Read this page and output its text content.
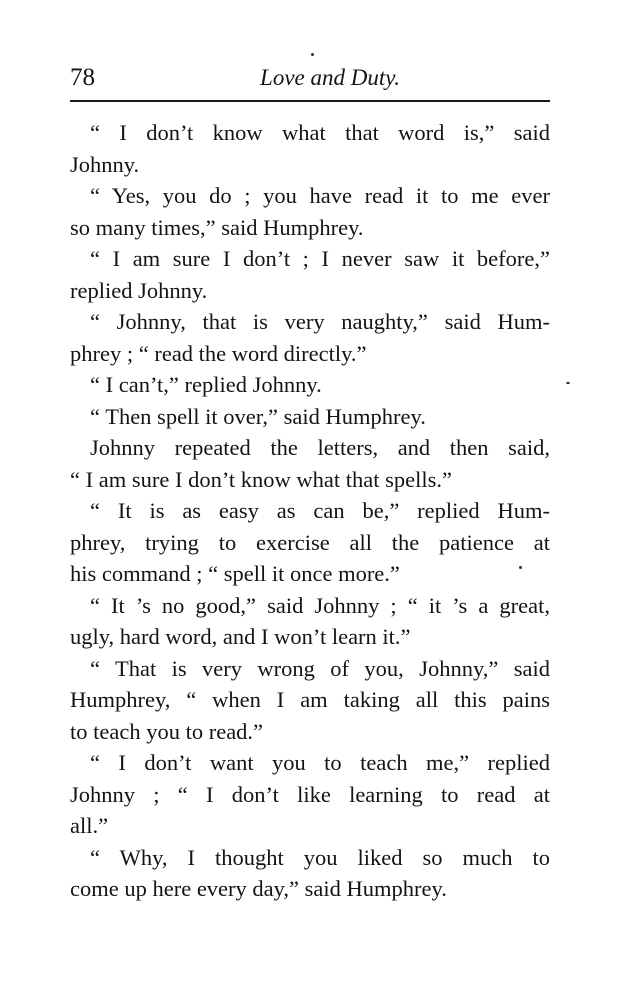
78	Love and Duty.
“ I don’t know what that word is,” said
Johnny.
“ Yes, you do ; you have read it to me ever
so many times,” said Humphrey.
“ I am sure I don’t ; I never saw it before,”
replied Johnny.
“ Johnny, that is very naughty,” said Hum-
phrey ; “ read the word directly.”
“ I can’t,” replied Johnny.
“ Then spell it over,” said Humphrey.
Johnny repeated the letters, and then said,
“ I am sure I don’t know what that spells.”
“ It is as easy as can be,” replied Hum-
phrey, trying to exercise all the patience at
his command ; “ spell it once more.”
“ It ’s no good,” said Johnny ; “ it ’s a great,
ugly, hard word, and I won’t learn it.”
“ That is very wrong of you, Johnny,” said
Humphrey, “ when I am taking all this pains
to teach you to read.”
“ I don’t want you to teach me,” replied
Johnny ; “ I don’t like learning to read at
all.”
“ Why, I thought you liked so much to
come up here every day,” said Humphrey.
